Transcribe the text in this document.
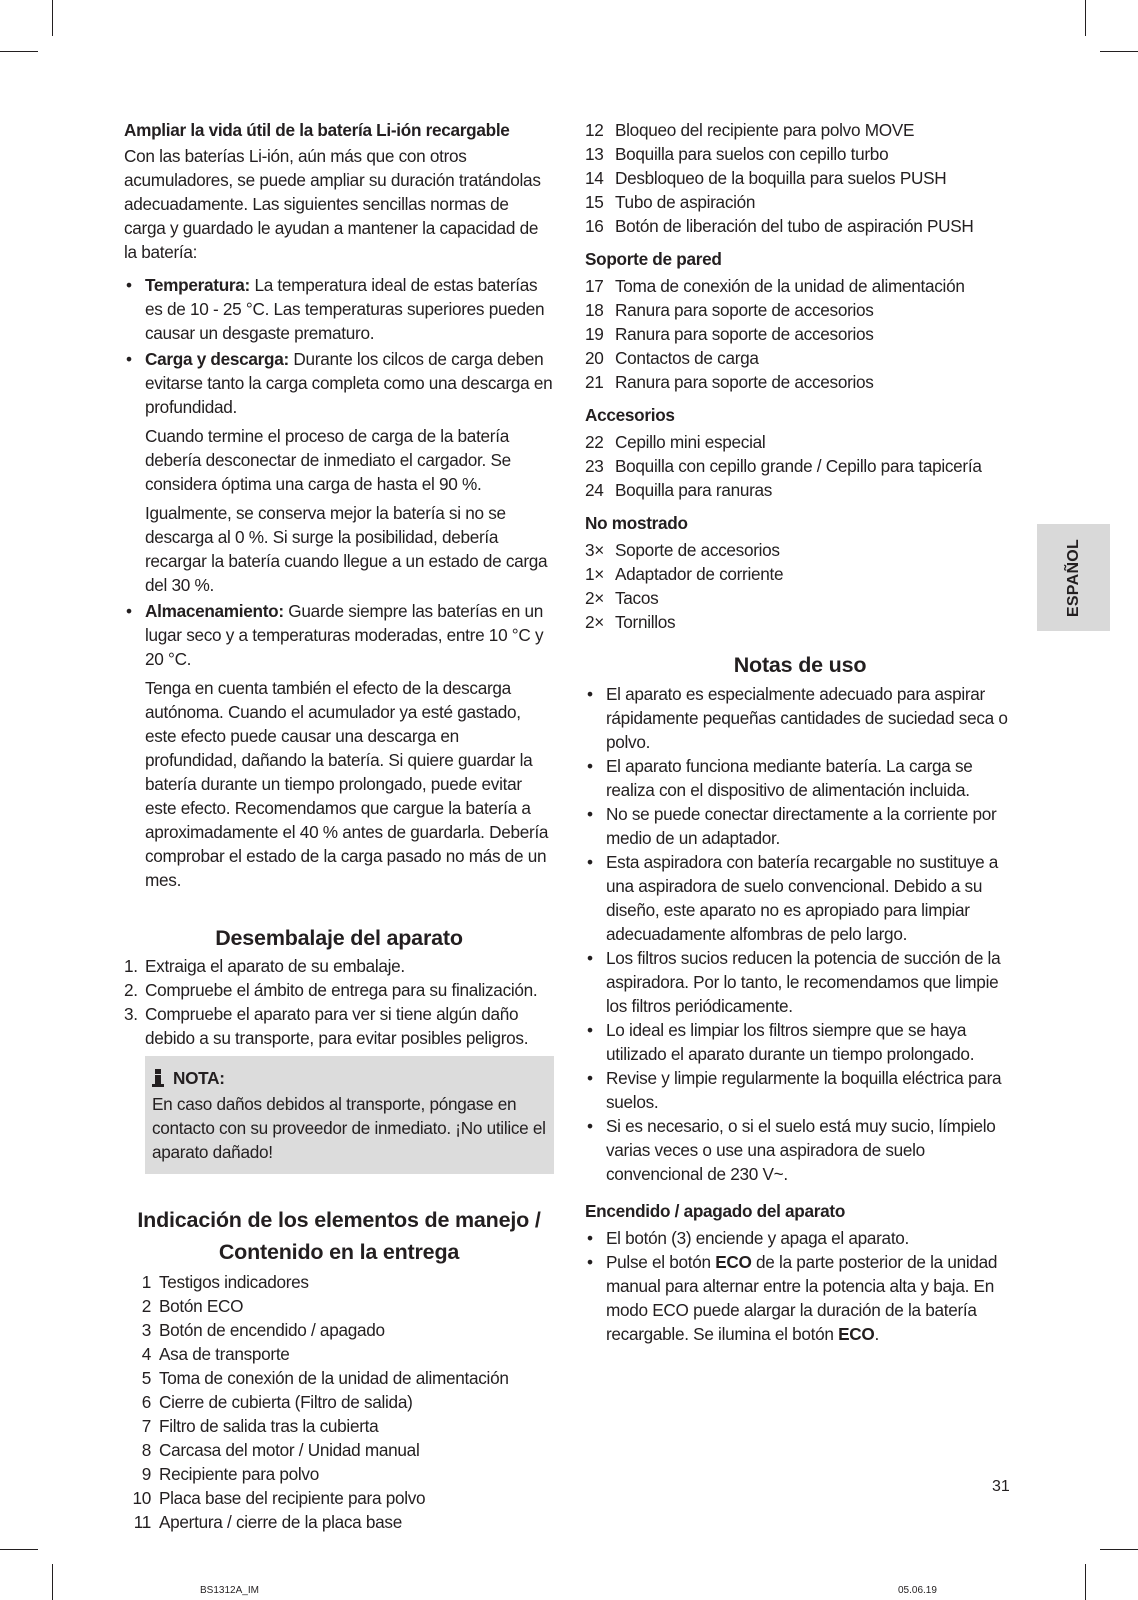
Ampliar la vida útil de la batería Li-ión recargable
Con las baterías Li-ión, aún más que con otros acumuladores, se puede ampliar su duración tratándolas adecuadamente. Las siguientes sencillas normas de carga y guardado le ayudan a mantener la capacidad de la batería:
• Temperatura: La temperatura ideal de estas baterías es de 10 - 25 °C. Las temperaturas superiores pueden causar un desgaste prematuro.
• Carga y descarga: Durante los cilcos de carga deben evitarse tanto la carga completa como una descarga en profundidad.
Cuando termine el proceso de carga de la batería debería desconectar de inmediato el cargador. Se considera óptima una carga de hasta el 90 %.
Igualmente, se conserva mejor la batería si no se descarga al 0 %. Si surge la posibilidad, debería recargar la batería cuando llegue a un estado de carga del 30 %.
• Almacenamiento: Guarde siempre las baterías en un lugar seco y a temperaturas moderadas, entre 10 °C y 20 °C.
Tenga en cuenta también el efecto de la descarga autónoma. Cuando el acumulador ya esté gastado, este efecto puede causar una descarga en profundidad, dañando la batería. Si quiere guardar la batería durante un tiempo prolongado, puede evitar este efecto. Recomendamos que cargue la batería a aproximadamente el 40 % antes de guardarla. Debería comprobar el estado de la carga pasado no más de un mes.
Desembalaje del aparato
1. Extraiga el aparato de su embalaje.
2. Compruebe el ámbito de entrega para su finalización.
3. Compruebe el aparato para ver si tiene algún daño debido a su transporte, para evitar posibles peligros.
NOTA:
En caso daños debidos al transporte, póngase en contacto con su proveedor de inmediato. ¡No utilice el aparato dañado!
Indicación de los elementos de manejo /
Contenido en la entrega
1 Testigos indicadores
2 Botón ECO
3 Botón de encendido / apagado
4 Asa de transporte
5 Toma de conexión de la unidad de alimentación
6 Cierre de cubierta (Filtro de salida)
7 Filtro de salida tras la cubierta
8 Carcasa del motor / Unidad manual
9 Recipiente para polvo
10 Placa base del recipiente para polvo
11 Apertura / cierre de la placa base
12 Bloqueo del recipiente para polvo MOVE
13 Boquilla para suelos con cepillo turbo
14 Desbloqueo de la boquilla para suelos PUSH
15 Tubo de aspiración
16 Botón de liberación del tubo de aspiración PUSH
Soporte de pared
17 Toma de conexión de la unidad de alimentación
18 Ranura para soporte de accesorios
19 Ranura para soporte de accesorios
20 Contactos de carga
21 Ranura para soporte de accesorios
Accesorios
22 Cepillo mini especial
23 Boquilla con cepillo grande / Cepillo para tapicería
24 Boquilla para ranuras
No mostrado
3× Soporte de accesorios
1× Adaptador de corriente
2× Tacos
2× Tornillos
Notas de uso
• El aparato es especialmente adecuado para aspirar rápidamente pequeñas cantidades de suciedad seca o polvo.
• El aparato funciona mediante batería. La carga se realiza con el dispositivo de alimentación incluida.
• No se puede conectar directamente a la corriente por medio de un adaptador.
• Esta aspiradora con batería recargable no sustituye a una aspiradora de suelo convencional. Debido a su diseño, este aparato no es apropiado para limpiar adecuadamente alfombras de pelo largo.
• Los filtros sucios reducen la potencia de succión de la aspiradora. Por lo tanto, le recomendamos que limpie los filtros periódicamente.
• Lo ideal es limpiar los filtros siempre que se haya utilizado el aparato durante un tiempo prolongado.
• Revise y limpie regularmente la boquilla eléctrica para suelos.
• Si es necesario, o si el suelo está muy sucio, límpielo varias veces o use una aspiradora de suelo convencional de 230 V~.
Encendido / apagado del aparato
• El botón (3) enciende y apaga el aparato.
• Pulse el botón ECO de la parte posterior de la unidad manual para alternar entre la potencia alta y baja. En modo ECO puede alargar la duración de la batería recargable. Se ilumina el botón ECO.
ESPAÑOL
31
BS1312A_IM	05.06.19
